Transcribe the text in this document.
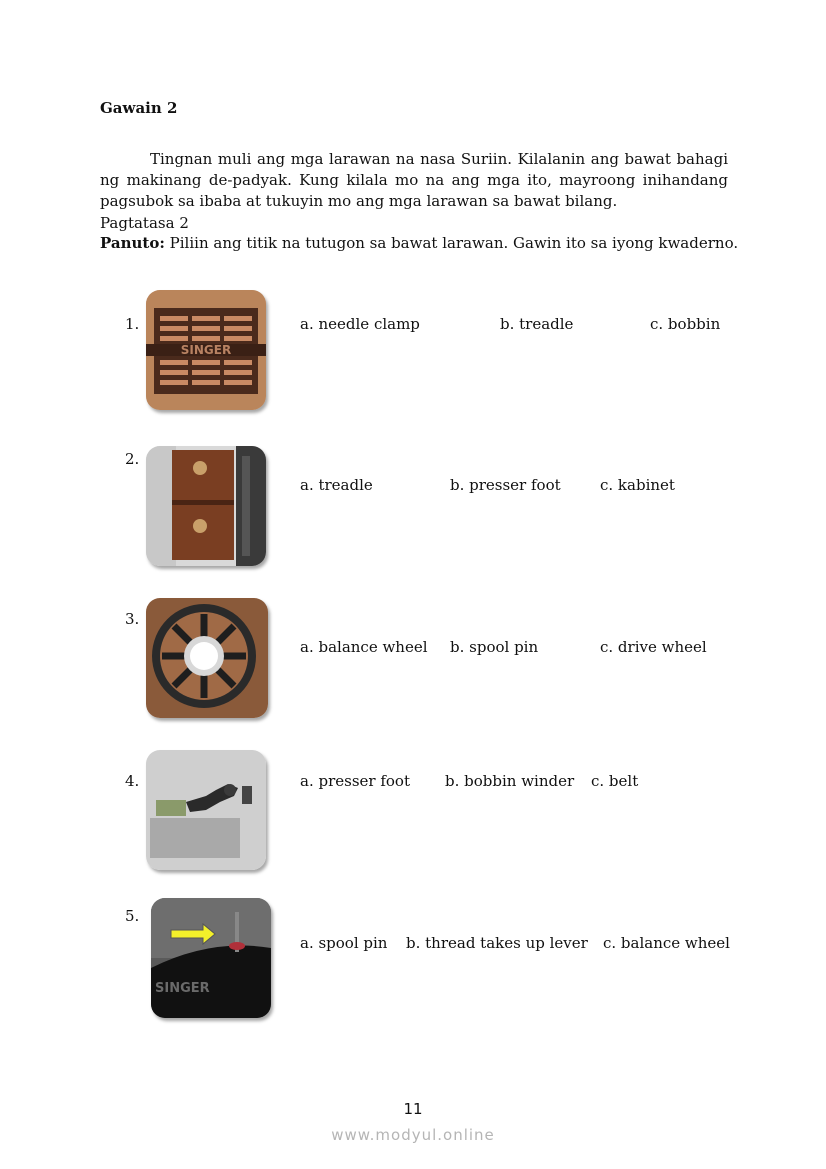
Gawain 2

Tingnan muli ang mga larawan na nasa Suriin. Kilalanin ang bawat bahagi ng makinang de-padyak. Kung kilala mo na ang mga ito, mayroong inihandang pagsubok sa ibaba at tukuyin mo ang mga larawan sa bawat bilang.

Pagtatasa 2
Panuto: Piliin ang titik na tutugon sa bawat larawan. Gawin ito sa iyong kwaderno.
1.
SINGER
a. needle clamp	b. treadle	c. bobbin
2.
a. treadle	b. presser foot	c. kabinet
3.
a. balance wheel b. spool pin	c. drive wheel
4.	a. presser foot b. bobbin winder c. belt
5.
SINGER
a. spool pin b. thread takes up lever c. balance wheel
11
www.modyul.online
